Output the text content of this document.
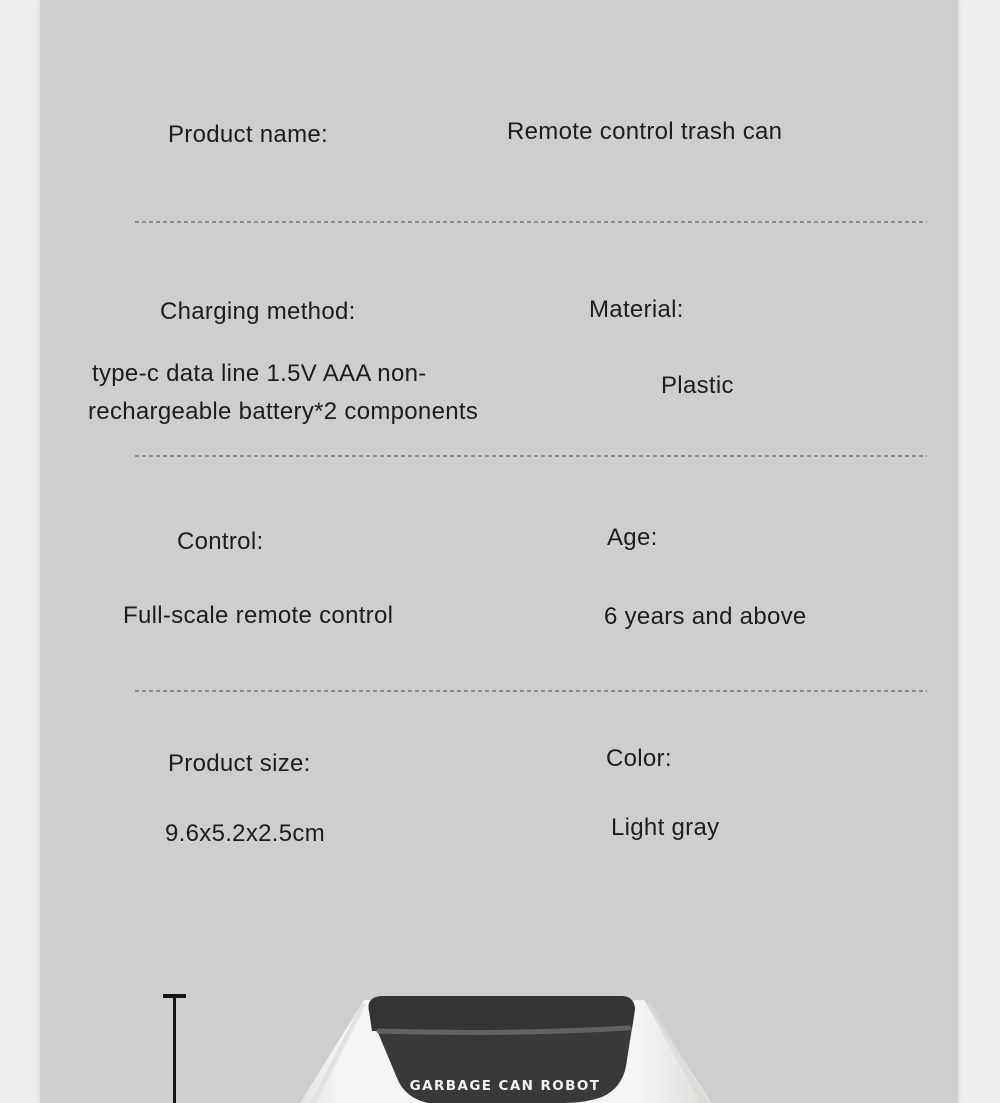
Product name:	Remote control trash can
Charging method:
type-c data line 1.5V AAA non-
rechargeable battery*2 components
Material:
Plastic
Control:
Full-scale remote control
Age:
6 years and above
Product size:
9.6x5.2x2.5cm
Color:
Light gray
GARBAGE CAN ROBOT
